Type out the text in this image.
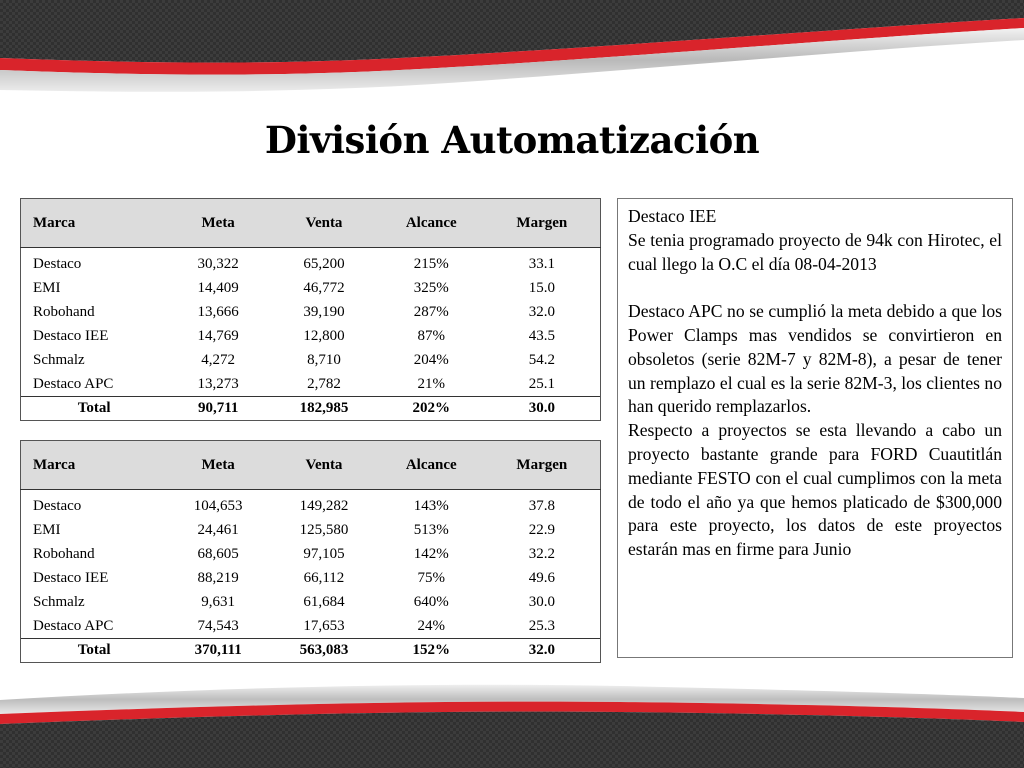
División Automatización
Marca	Meta	Venta	Alcance	Margen
Destaco	30,322	65,200	215%	33.1
EMI	14,409	46,772	325%	15.0
Robohand	13,666	39,190	287%	32.0
Destaco IEE	14,769	12,800	87%	43.5
Schmalz	4,272	8,710	204%	54.2
Destaco APC	13,273	2,782	21%	25.1
Total	90,711	182,985	202%	30.0
Marca	Meta	Venta	Alcance	Margen
Destaco	104,653	149,282	143%	37.8
EMI	24,461	125,580	513%	22.9
Robohand	68,605	97,105	142%	32.2
Destaco IEE	88,219	66,112	75%	49.6
Schmalz	9,631	61,684	640%	30.0
Destaco APC	74,543	17,653	24%	25.3
Total	370,111	563,083	152%	32.0

Destaco IEE

Se tenia programado proyecto de 94k con Hirotec, el cual llego la O.C el día 08-04-2013

Destaco APC no se cumplió la meta debido a que los Power Clamps mas vendidos se convirtieron en obsoletos (serie 82M-7 y 82M-8), a pesar de tener un remplazo el cual es la serie 82M-3, los clientes no han querido remplazarlos.

Respecto a proyectos se esta llevando a cabo un proyecto bastante grande para FORD Cuautitlán mediante FESTO con el cual cumplimos con la meta de todo el año ya que hemos platicado de $300,000 para este proyecto, los datos de este proyectos estarán mas en firme para Junio
